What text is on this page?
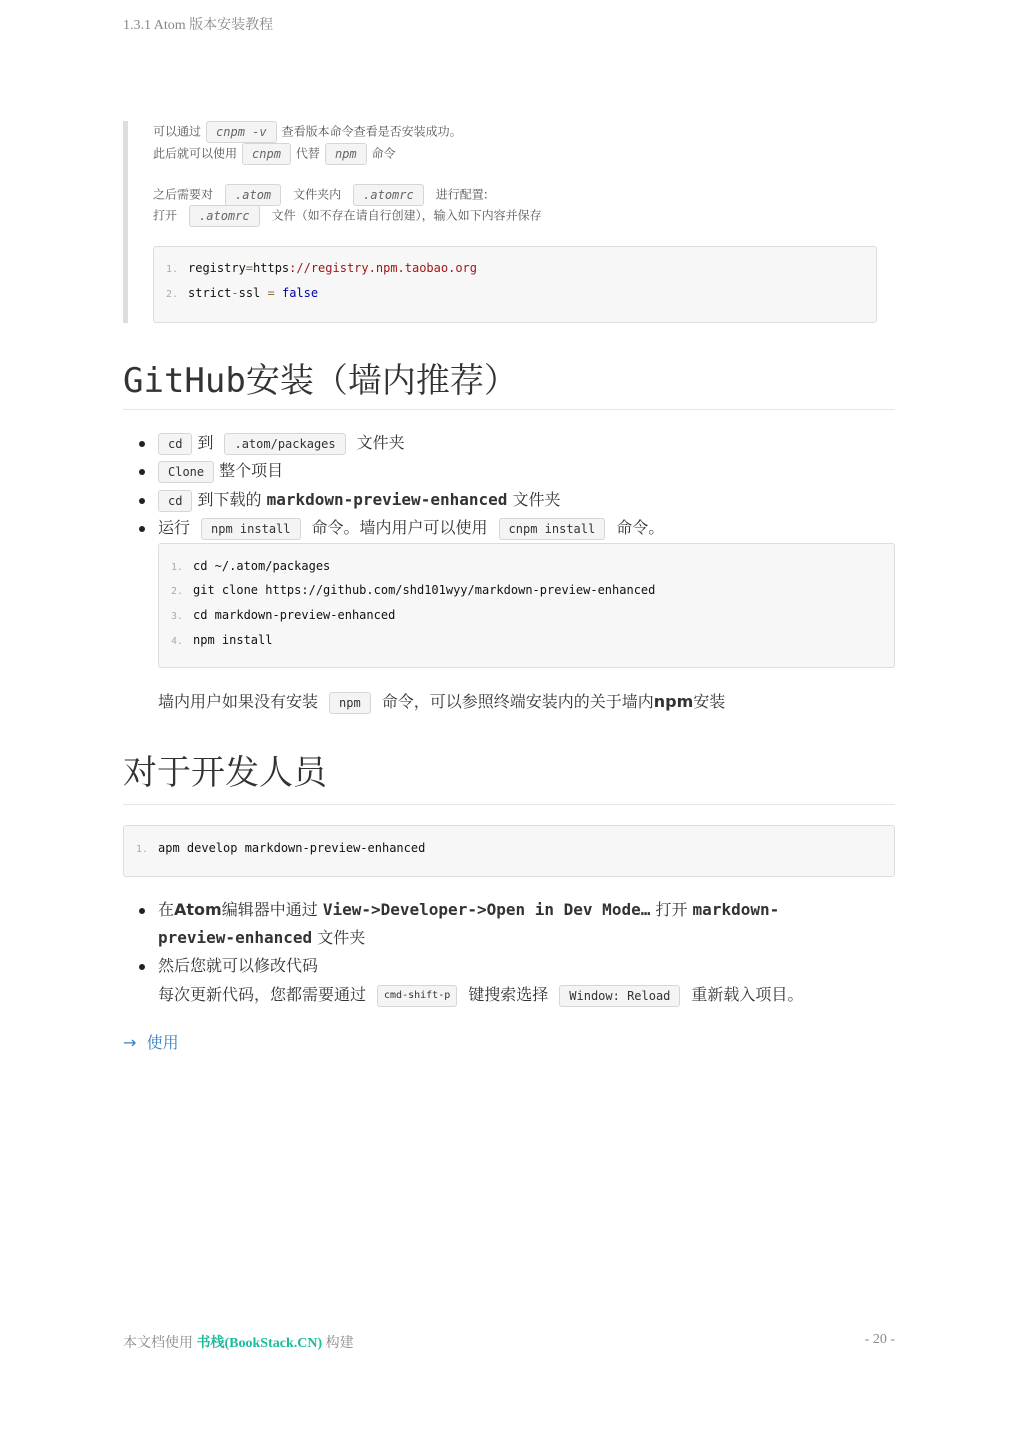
1.3.1 Atom 版本安装教程
可以通过 cnpm -v 查看版本命令查看是否安装成功。
此后就可以使用 cnpm 代替 npm 命令
之后需要对 .atom 文件夹内 .atomrc 进行配置:
打开 .atomrc 文件（如不存在请自行创建），输入如下内容并保存
1. registry=https://registry.npm.taobao.org
2. strict-ssl = false
GitHub安装（墙内推荐）
cd 到 .atom/packages 文件夹
Clone 整个项目
cd 到下载的 markdown-preview-enhanced 文件夹
运行 npm install 命令。墙内用户可以使用 cnpm install 命令。
1. cd ~/.atom/packages
2. git clone https://github.com/shd101wyy/markdown-preview-enhanced
3. cd markdown-preview-enhanced
4. npm install
墙内用户如果没有安装 npm 命令，可以参照终端安装内的关于墙内npm安装
对于开发人员
1. apm develop markdown-preview-enhanced
在Atom编辑器中通过 View->Developer->Open in Dev Mode… 打开 markdown-
preview-enhanced 文件夹
然后您就可以修改代码
每次更新代码，您都需要通过 cmd-shift-p 键搜索选择 Window: Reload 重新载入项目。
→ 使用
本文档使用 书栈(BookStack.CN) 构建	- 20 -
